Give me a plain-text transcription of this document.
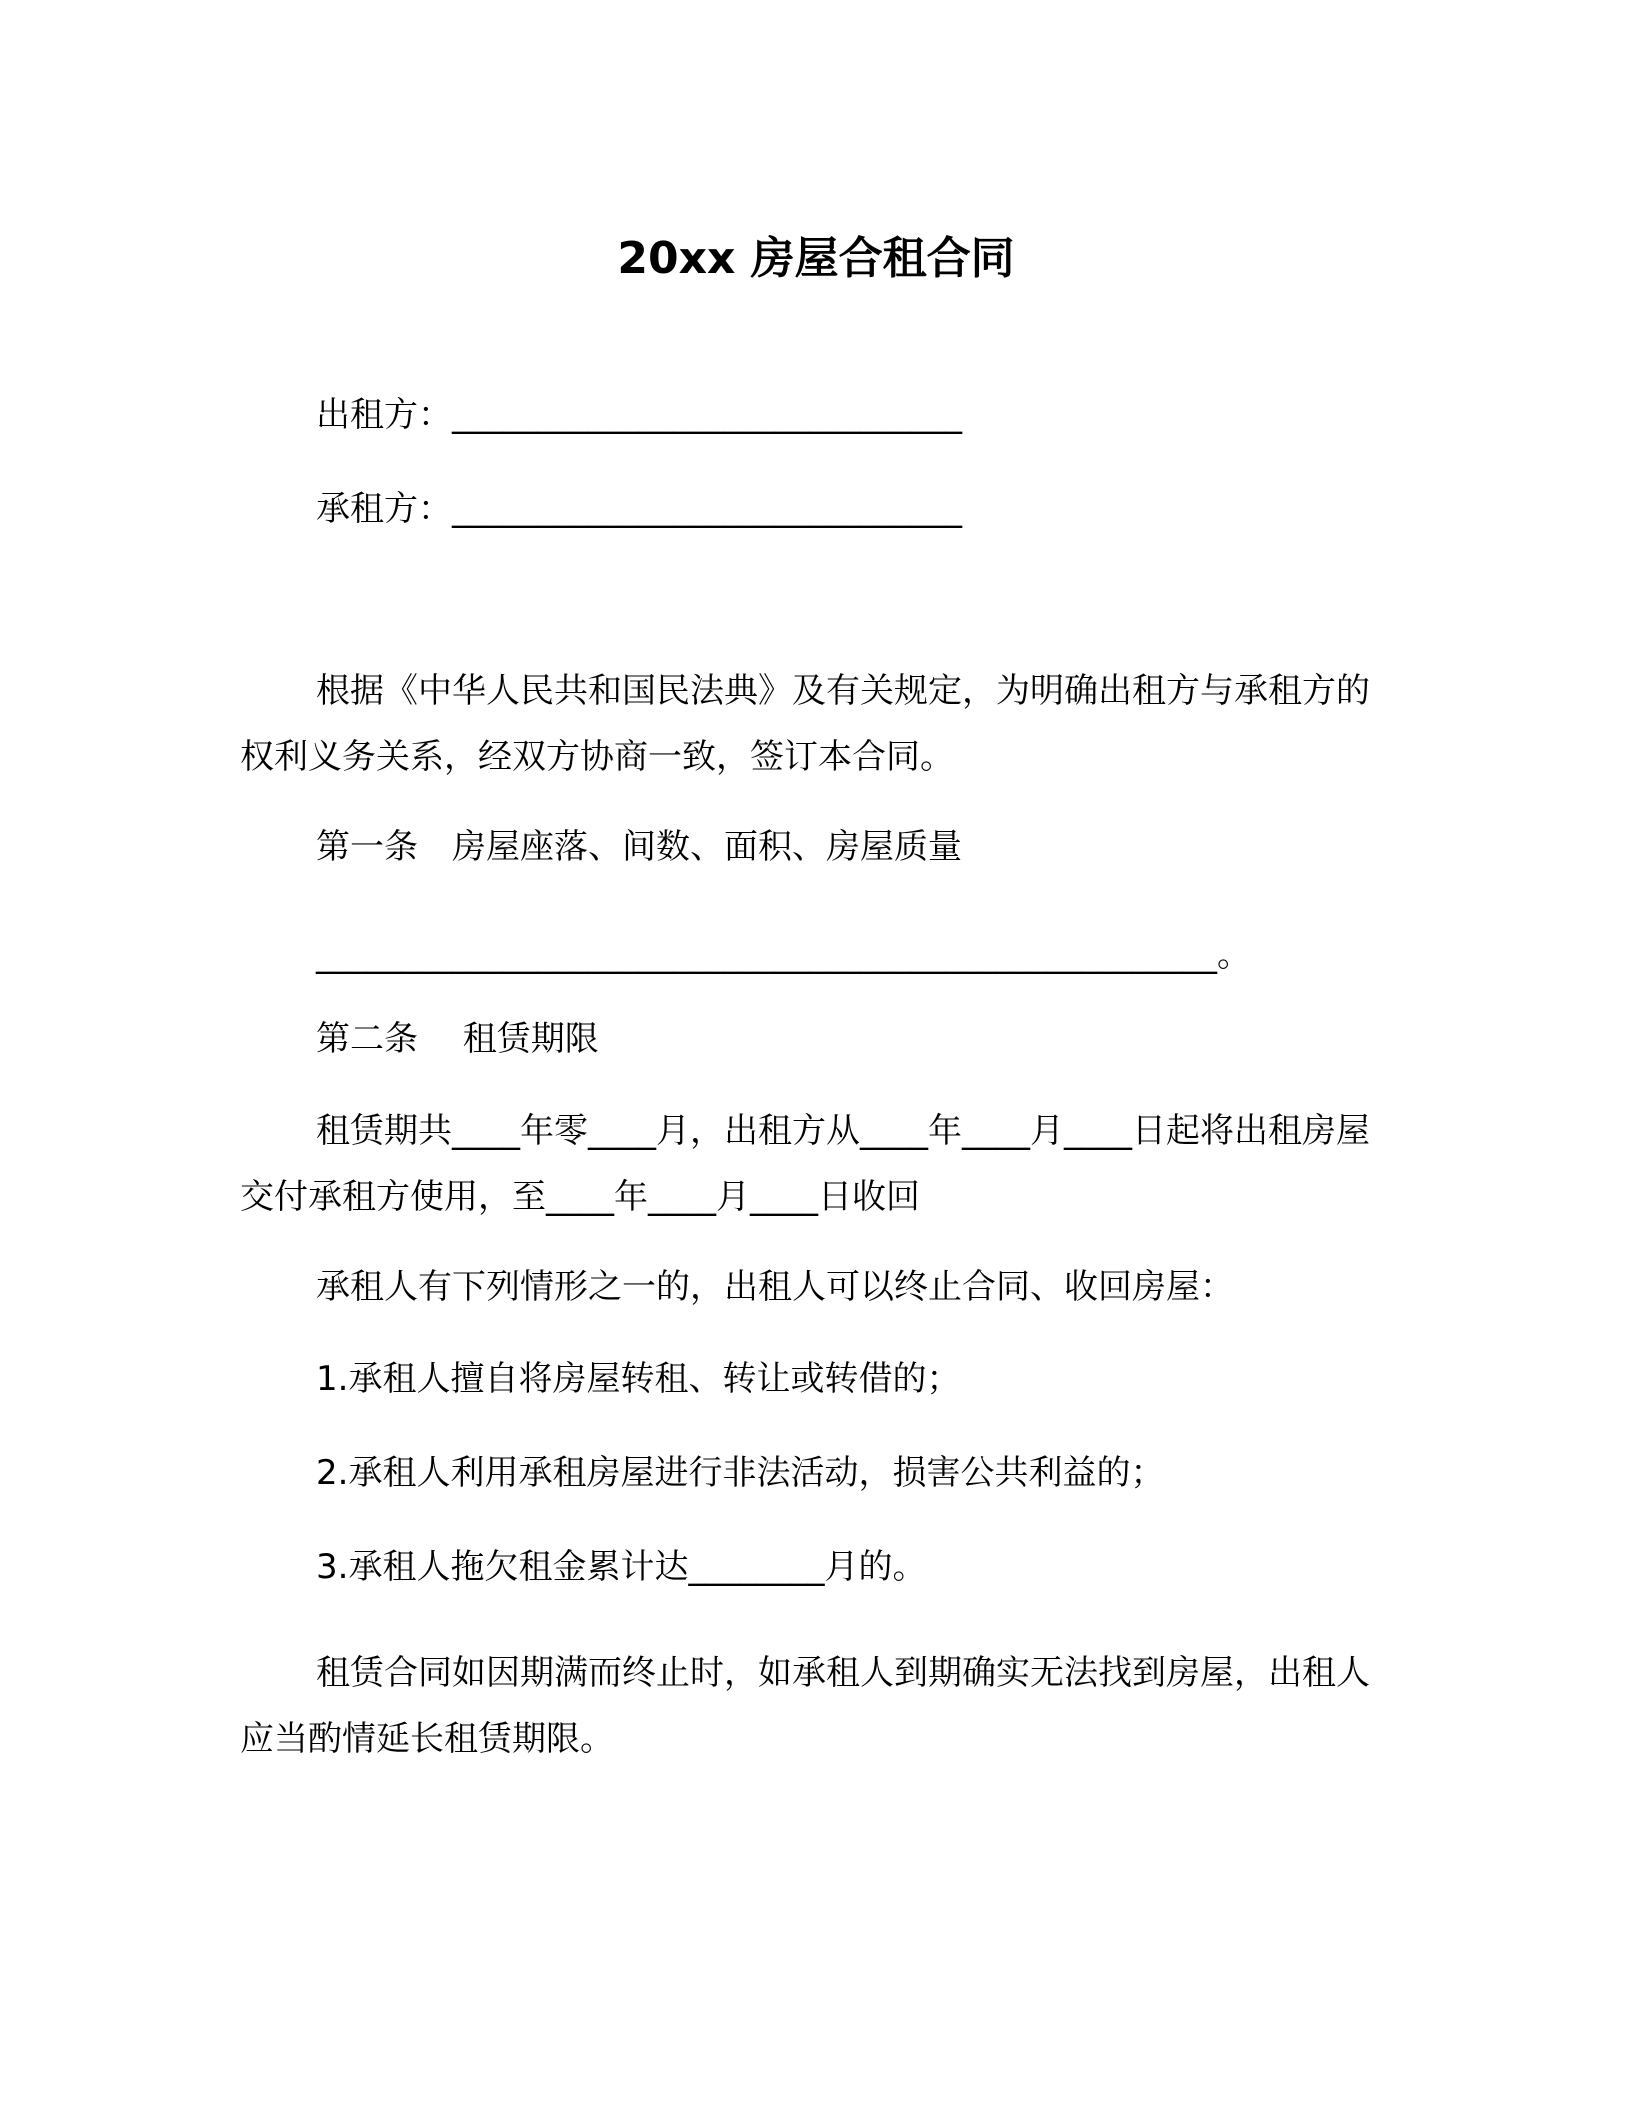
20xx 房屋合租合同
出租方：______________________________
承租方：______________________________
根据《中华人民共和国民法典》及有关规定，为明确出租方与承租方的权利义务关系，经双方协商一致，签订本合同。
第一条　房屋座落、间数、面积、房屋质量
_____________________________________________________。
第二条　 租赁期限
租赁期共____年零____月，出租方从____年____月____日起将出租房屋交付承租方使用，至____年____月____日收回
承租人有下列情形之一的，出租人可以终止合同、收回房屋：
1.承租人擅自将房屋转租、转让或转借的；
2.承租人利用承租房屋进行非法活动，损害公共利益的；
3.承租人拖欠租金累计达________月的。
租赁合同如因期满而终止时，如承租人到期确实无法找到房屋，出租人应当酌情延长租赁期限。
